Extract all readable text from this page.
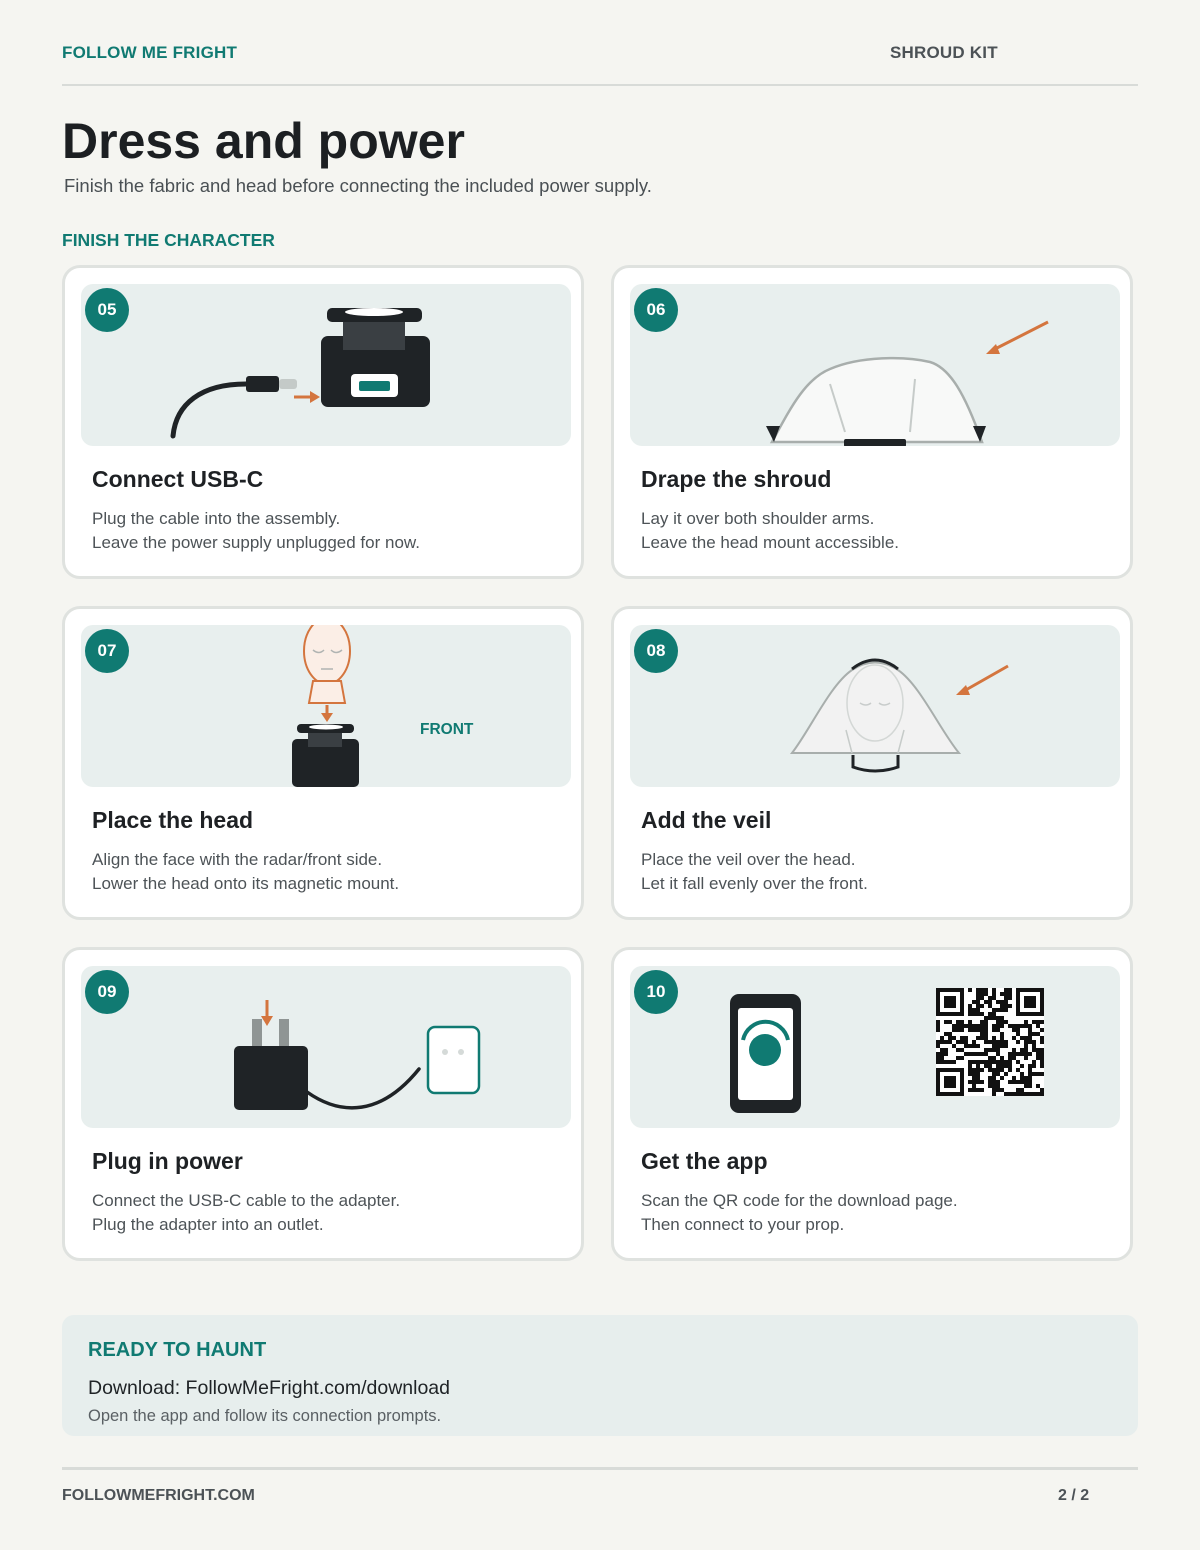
FOLLOW ME FRIGHT	SHROUD KIT
Dress and power
Finish the fabric and head before connecting the included power supply.
FINISH THE CHARACTER
05
Connect USB-C
Plug the cable into the assembly.
Leave the power supply unplugged for now.
06
Drape the shroud
Lay it over both shoulder arms.
Leave the head mount accessible.
07
FRONT
Place the head
Align the face with the radar/front side.
Lower the head onto its magnetic mount.
08
Add the veil
Place the veil over the head.
Let it fall evenly over the front.
09
Plug in power
Connect the USB-C cable to the adapter.
Plug the adapter into an outlet.
10
Get the app
Scan the QR code for the download page.
Then connect to your prop.
READY TO HAUNT
Download: FollowMeFright.com/download
Open the app and follow its connection prompts.
FOLLOWMEFRIGHT.COM	2 / 2
